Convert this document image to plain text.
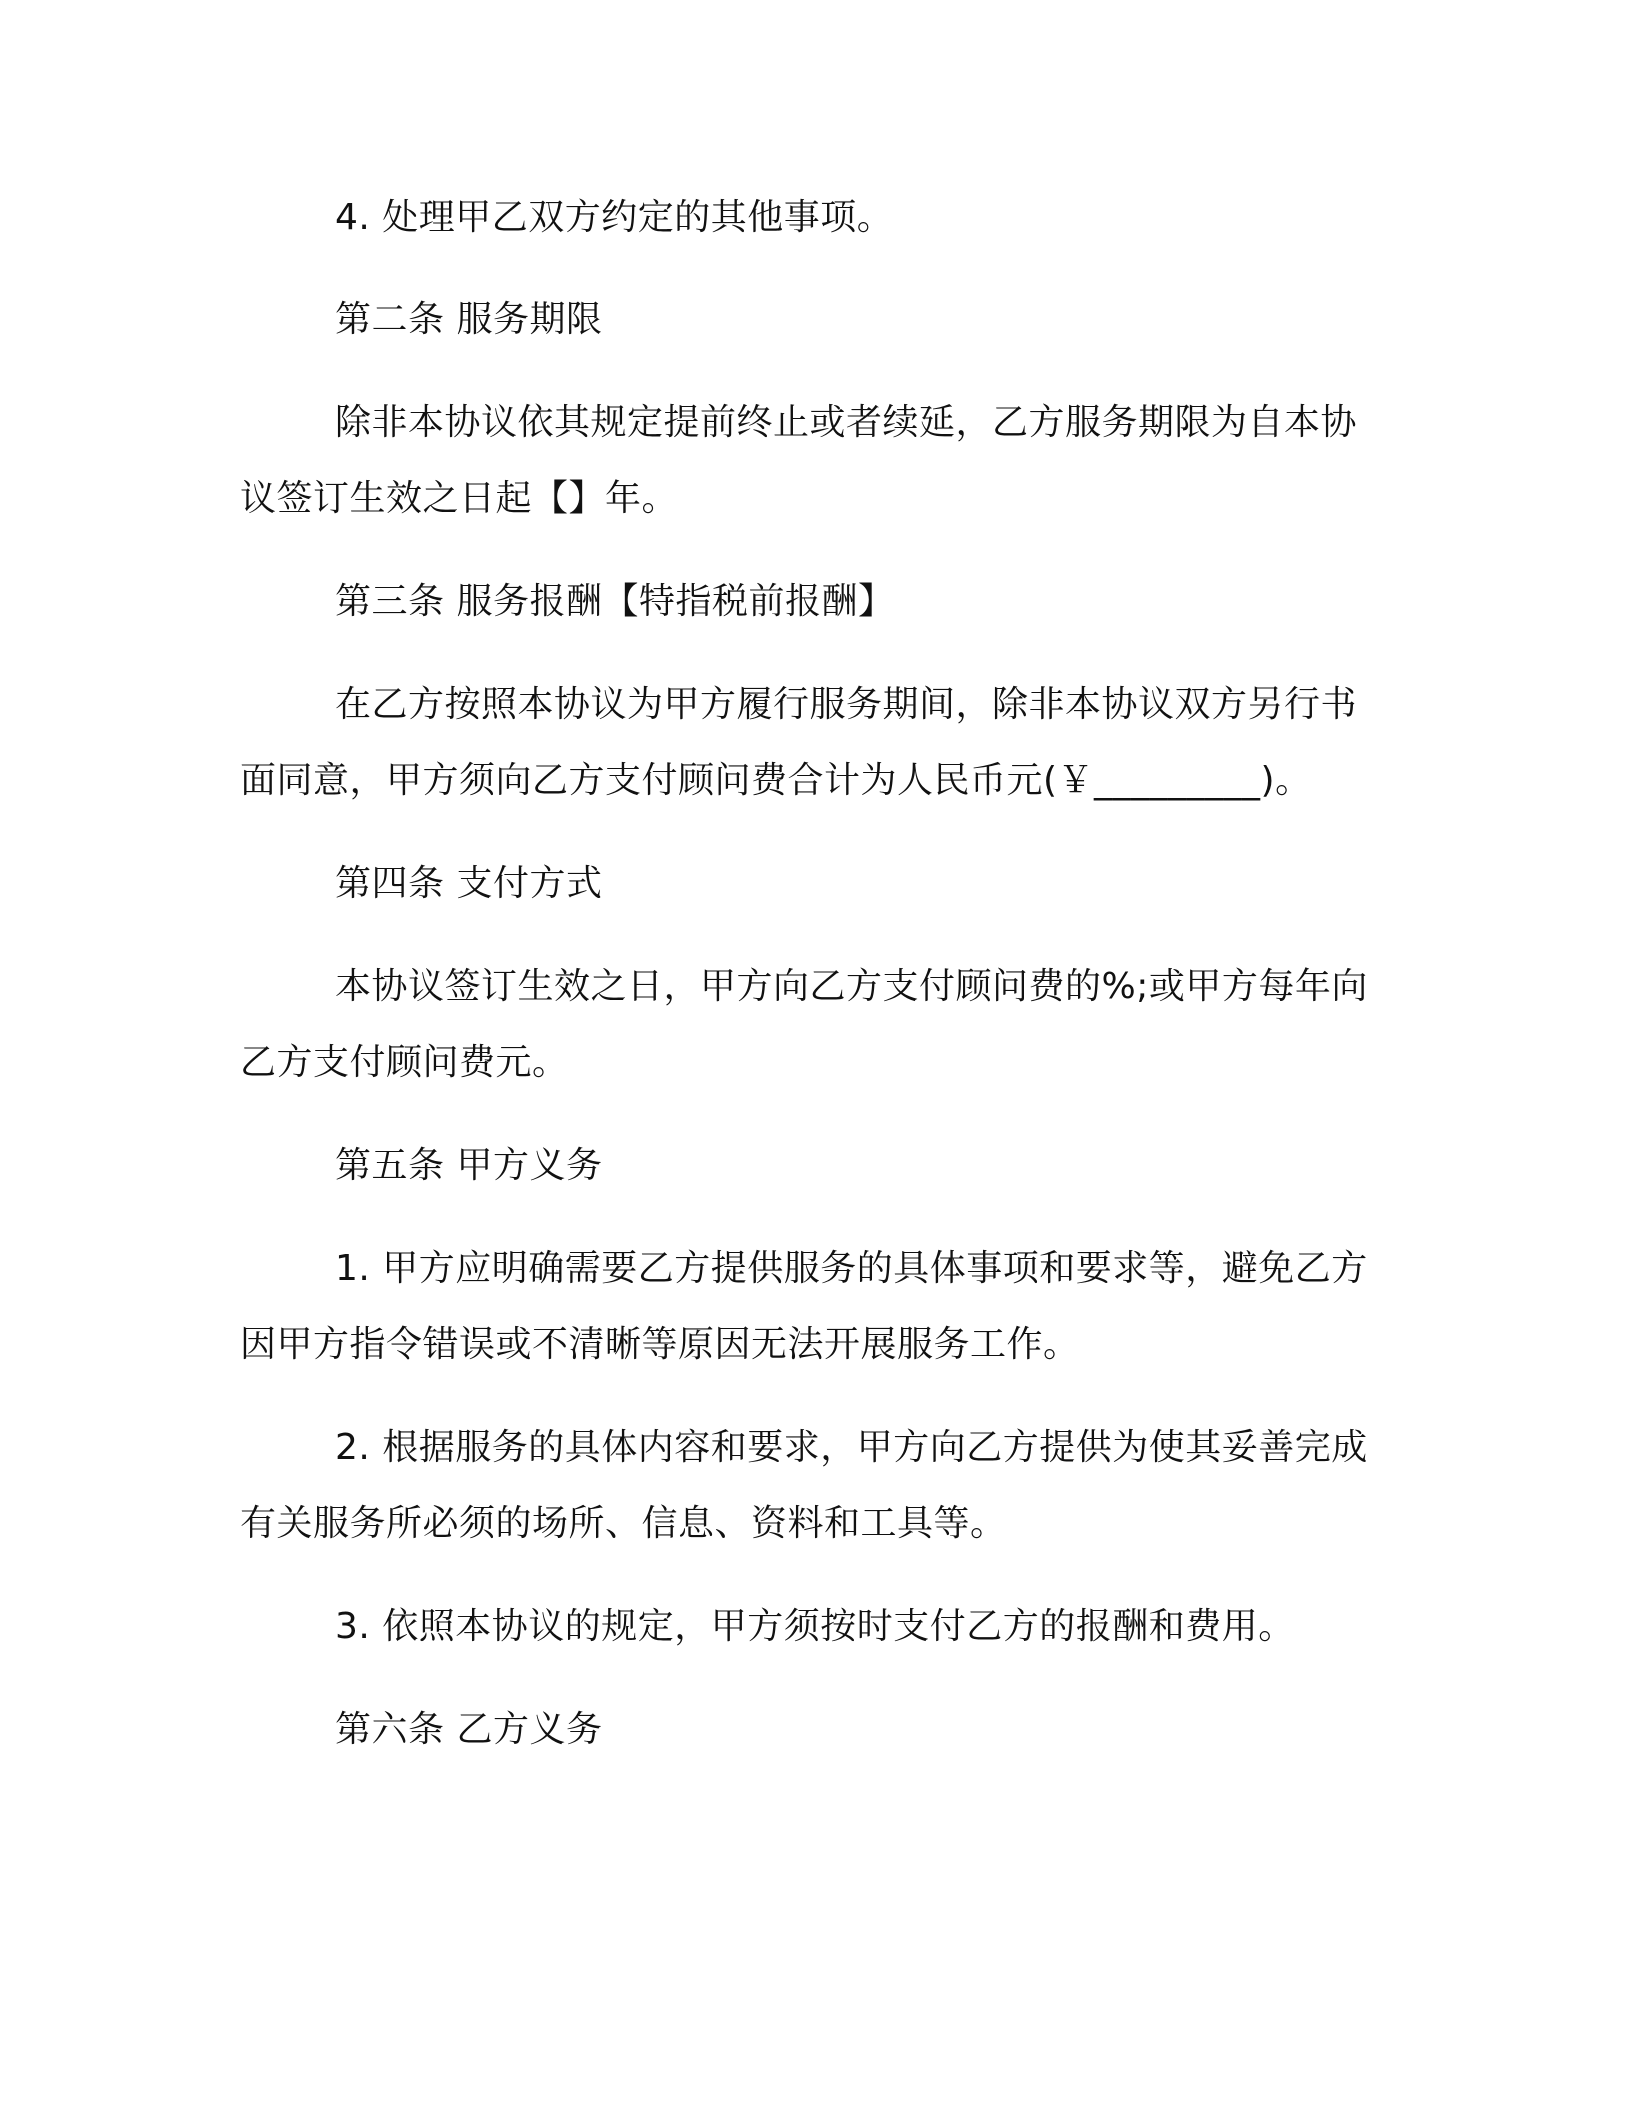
4. 处理甲乙双方约定的其他事项。
第二条 服务期限
除非本协议依其规定提前终止或者续延，乙方服务期限为自本协
议签订生效之日起【】年。
第三条 服务报酬【特指税前报酬】
在乙方按照本协议为甲方履行服务期间，除非本协议双方另行书
面同意，甲方须向乙方支付顾问费合计为人民币元(￥_________)。
第四条 支付方式
本协议签订生效之日，甲方向乙方支付顾问费的%;或甲方每年向
乙方支付顾问费元。
第五条 甲方义务
1. 甲方应明确需要乙方提供服务的具体事项和要求等，避免乙方
因甲方指令错误或不清晰等原因无法开展服务工作。
2. 根据服务的具体内容和要求，甲方向乙方提供为使其妥善完成
有关服务所必须的场所、信息、资料和工具等。
3. 依照本协议的规定，甲方须按时支付乙方的报酬和费用。
第六条 乙方义务
